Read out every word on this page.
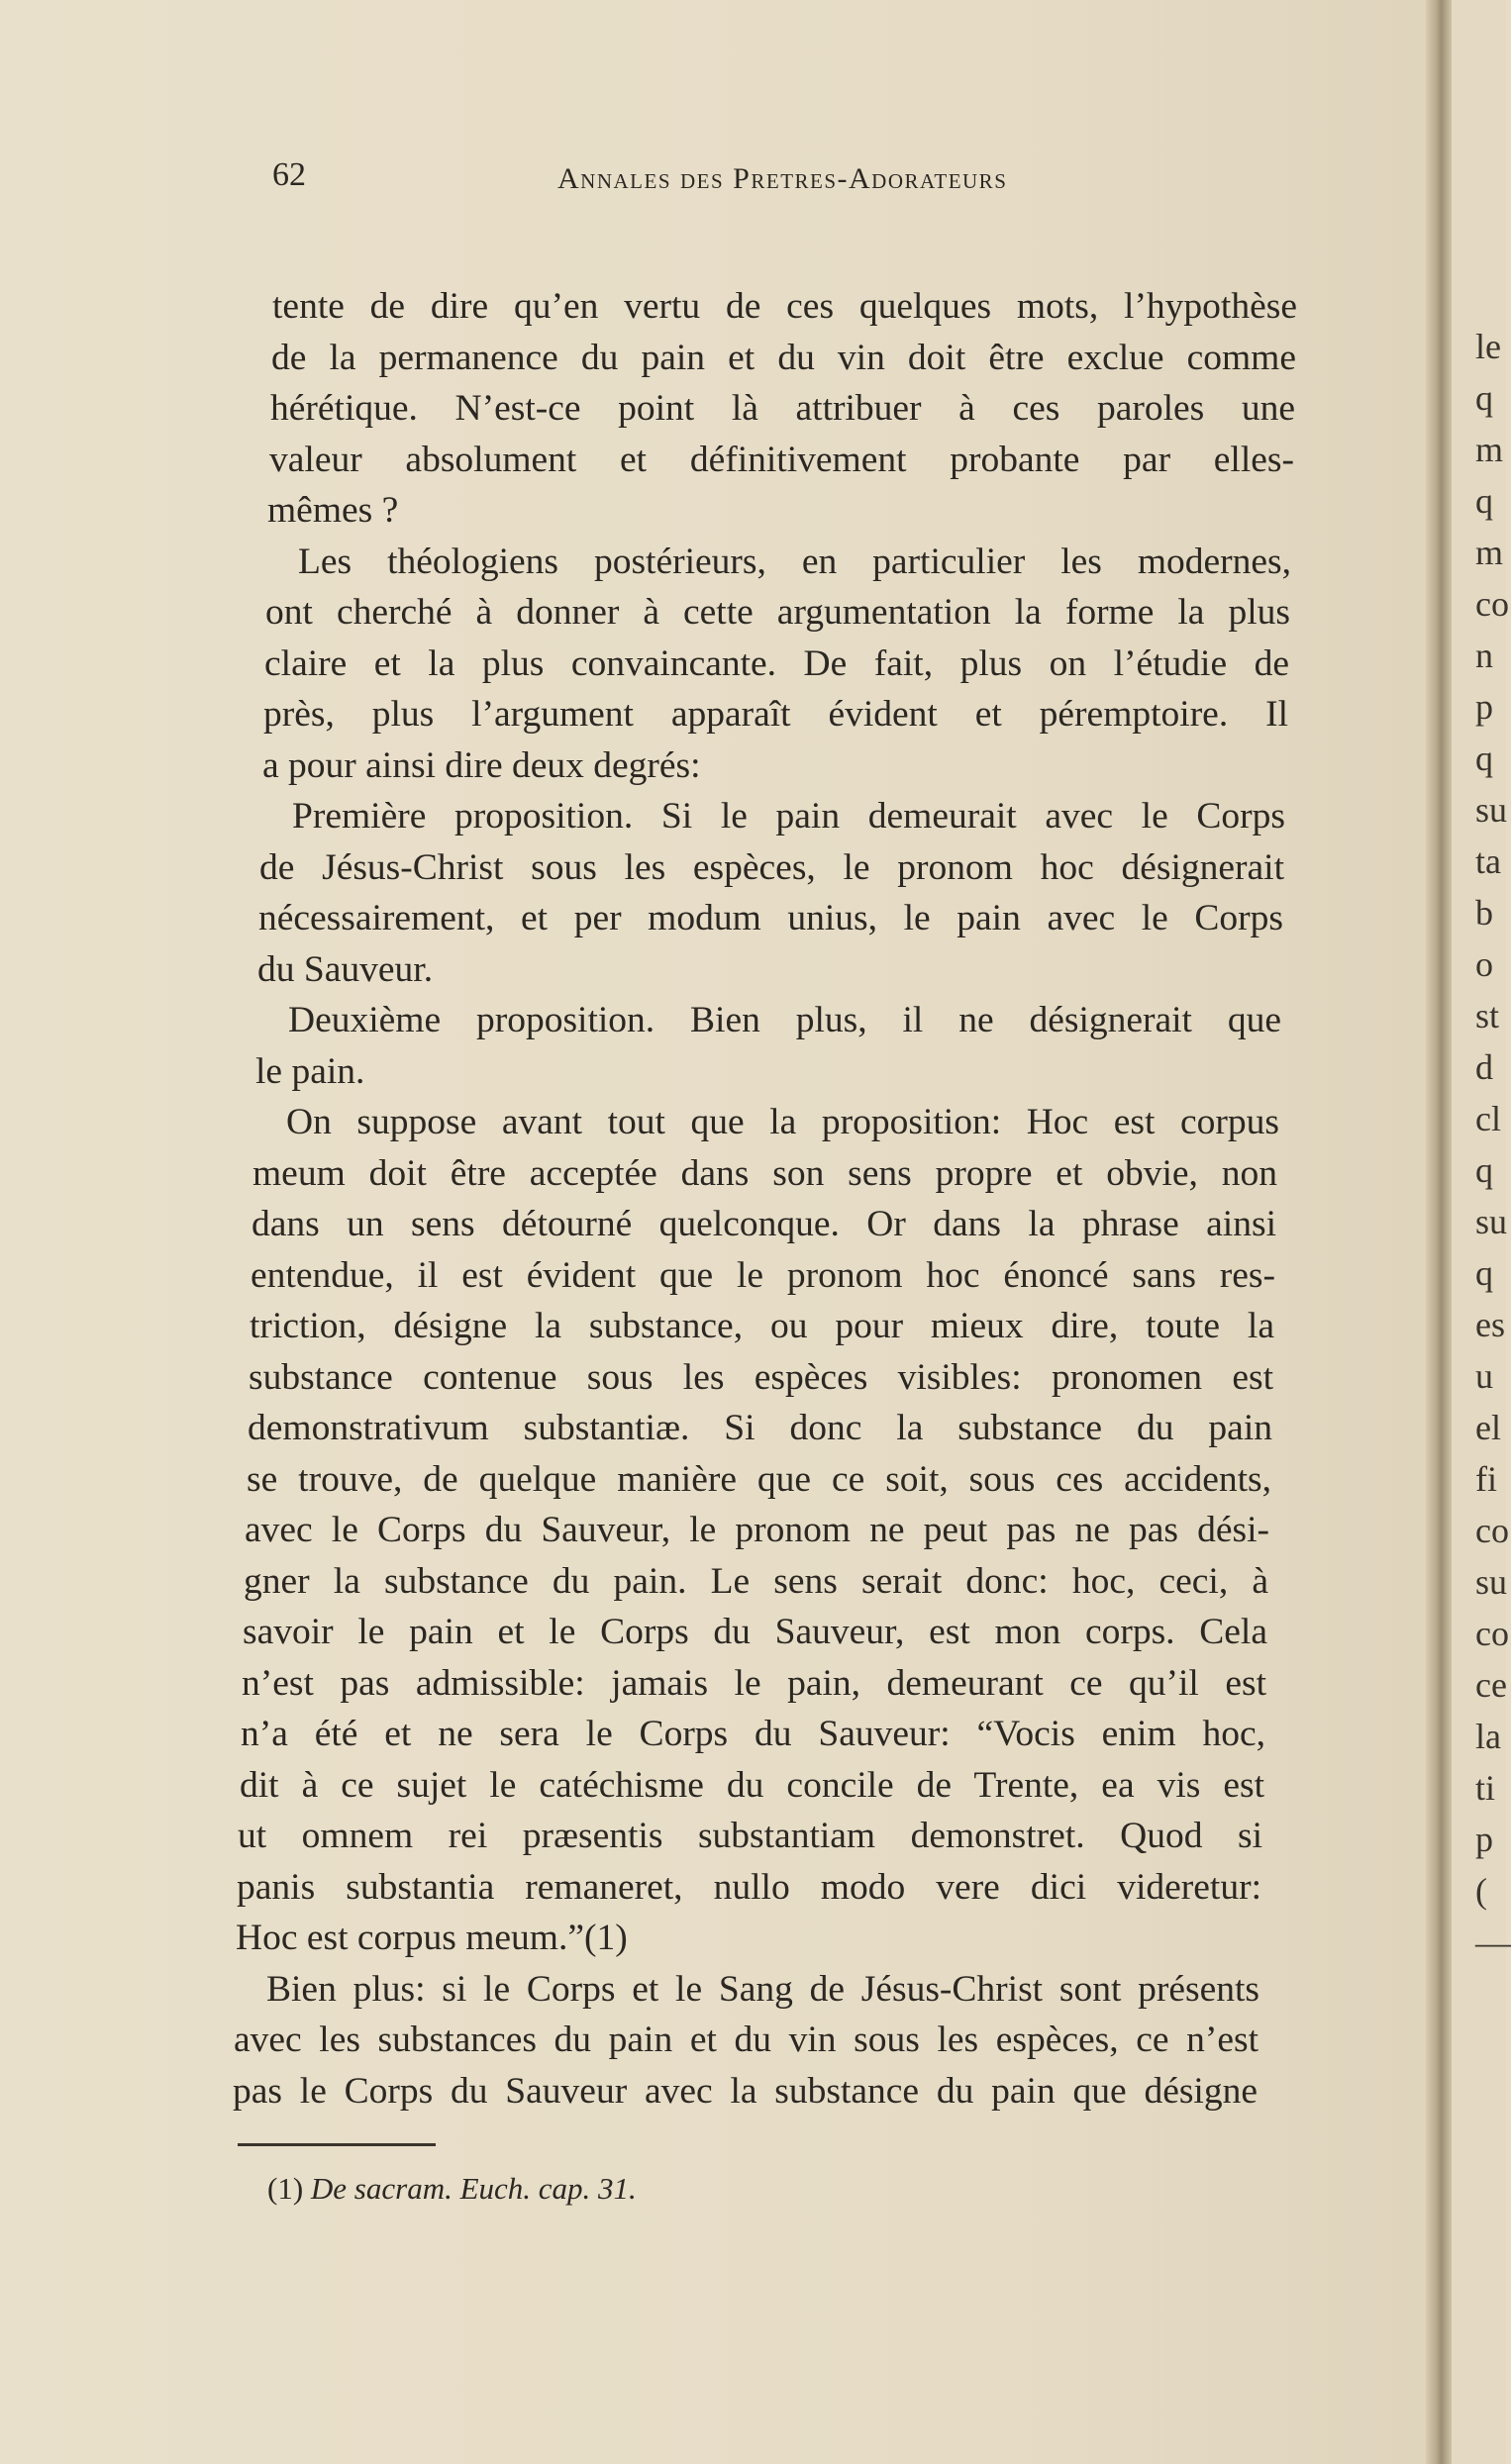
62	Annales des Pretres-Adorateurs
tente de dire qu’en vertu de ces quelques mots, l’hypothèse
de la permanence du pain et du vin doit être exclue comme
hérétique. N’est-ce point là attribuer à ces paroles une
valeur absolument et définitivement probante par elles-
mêmes ?
Les théologiens postérieurs, en particulier les modernes,
ont cherché à donner à cette argumentation la forme la plus
claire et la plus convaincante. De fait, plus on l’étudie de
près, plus l’argument apparaît évident et péremptoire. Il
a pour ainsi dire deux degrés:
Première proposition. Si le pain demeurait avec le Corps
de Jésus-Christ sous les espèces, le pronom hoc désignerait
nécessairement, et per modum unius, le pain avec le Corps
du Sauveur.
Deuxième proposition. Bien plus, il ne désignerait que
le pain.
On suppose avant tout que la proposition: Hoc est corpus
meum doit être acceptée dans son sens propre et obvie, non
dans un sens détourné quelconque. Or dans la phrase ainsi
entendue, il est évident que le pronom hoc énoncé sans res-
triction, désigne la substance, ou pour mieux dire, toute la
substance contenue sous les espèces visibles: pronomen est
demonstrativum substantiæ. Si donc la substance du pain
se trouve, de quelque manière que ce soit, sous ces accidents,
avec le Corps du Sauveur, le pronom ne peut pas ne pas dési-
gner la substance du pain. Le sens serait donc: hoc, ceci, à
savoir le pain et le Corps du Sauveur, est mon corps. Cela
n’est pas admissible: jamais le pain, demeurant ce qu’il est
n’a été et ne sera le Corps du Sauveur: “Vocis enim hoc,
dit à ce sujet le catéchisme du concile de Trente, ea vis est
ut omnem rei præsentis substantiam demonstret. Quod si
panis substantia remaneret, nullo modo vere dici videretur:
Hoc est corpus meum.”(1)
Bien plus: si le Corps et le Sang de Jésus-Christ sont présents
avec les substances du pain et du vin sous les espèces, ce n’est
pas le Corps du Sauveur avec la substance du pain que désigne
(1) De sacram. Euch. cap. 31.
le
q
m
q
m
co
n
p
q
su
ta
b
o
st
d
cl
q
su
q
es
u
el
fi
co
su
co
ce
la
ti
p
(
—
